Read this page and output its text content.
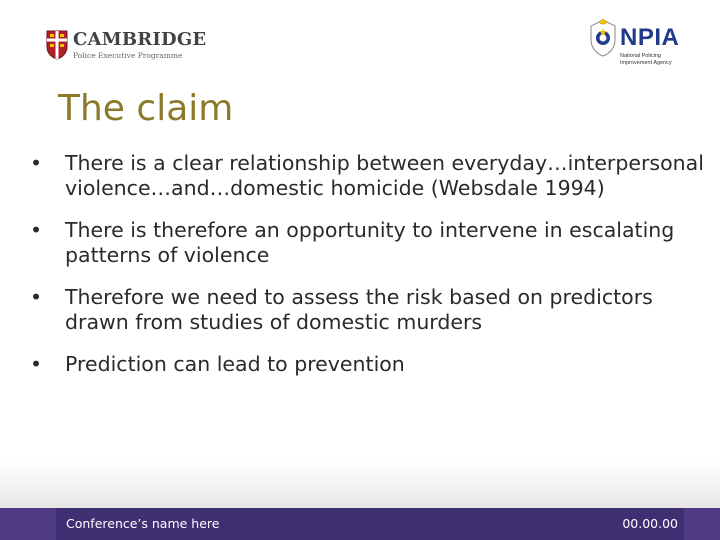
CAMBRIDGE
Police Executive Programme
NPIA
National Policing Improvement Agency
The claim
•	There is a clear relationship between everyday…interpersonal violence…and…domestic homicide (Websdale 1994)
•	There is therefore an opportunity to intervene in escalating patterns of violence
•	Therefore we need to assess the risk based on predictors drawn from studies of domestic murders
•	Prediction can lead to prevention
Conference’s name here	00.00.00
